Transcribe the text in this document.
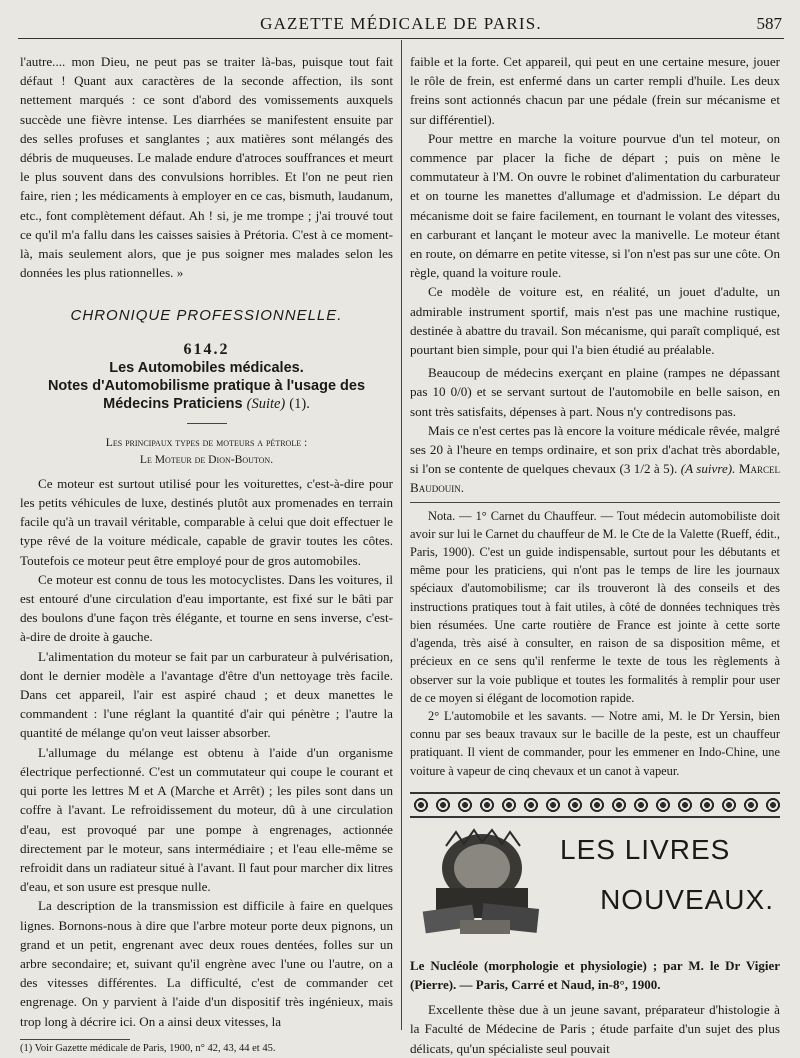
GAZETTE MÉDICALE DE PARIS.	587

l'autre.... mon Dieu, ne peut pas se traiter là-bas, puisque tout fait défaut ! Quant aux caractères de la seconde affection, ils sont nettement marqués : ce sont d'abord des vomissements auxquels succède une fièvre intense. Les diarrhées se manifestent ensuite par des selles profuses et sanglantes ; aux matières sont mélangés des débris de muqueuses. Le malade endure d'atroces souffrances et meurt le plus souvent dans des convulsions horribles. Et l'on ne peut rien faire, rien ; les médicaments à employer en ce cas, bismuth, laudanum, etc., font complètement défaut. Ah ! si, je me trompe ; j'ai trouvé tout ce qu'il m'a fallu dans les caisses saisies à Prétoria. C'est à ce moment-là, mais seulement alors, que je pus soigner mes malades selon les données les plus rationnelles. »

CHRONIQUE PROFESSIONNELLE.
614.2
Les Automobiles médicales.
Notes d'Automobilisme pratique à l'usage des
Médecins Praticiens (Suite) (1).
Les principaux types de moteurs a pétrole :
Le Moteur de Dion-Bouton.

Ce moteur est surtout utilisé pour les voiturettes, c'est-à-dire pour les petits véhicules de luxe, destinés plutôt aux promenades en terrain facile qu'à un travail véritable, comparable à celui que doit effectuer le type rêvé de la voiture médicale, capable de gravir toutes les côtes. Toutefois ce moteur peut être employé pour de gros automobiles.

Ce moteur est connu de tous les motocyclistes. Dans les voitures, il est entouré d'une circulation d'eau importante, est fixé sur le bâti par des boulons d'une façon très élégante, et tourne en sens inverse, c'est-à-dire de droite à gauche.

L'alimentation du moteur se fait par un carburateur à pulvérisation, dont le dernier modèle a l'avantage d'être d'un nettoyage très facile. Dans cet appareil, l'air est aspiré chaud ; et deux manettes le commandent : l'une réglant la quantité d'air qui pénètre ; l'autre la quantité de mélange qu'on veut laisser absorber.

L'allumage du mélange est obtenu à l'aide d'un organisme électrique perfectionné. C'est un commutateur qui coupe le courant et qui porte les lettres M et A (Marche et Arrêt) ; les piles sont dans un coffre à l'avant. Le refroidissement du moteur, dû à une circulation d'eau, est provoqué par une pompe à engrenages, actionnée directement par le moteur, sans intermédiaire ; et l'eau elle-même se refroidit dans un radiateur situé à l'avant. Il faut pour marcher dix litres d'eau, et son usure est presque nulle.

La description de la transmission est difficile à faire en quelques lignes. Bornons-nous à dire que l'arbre moteur porte deux pignons, un grand et un petit, engrenant avec deux roues dentées, folles sur un arbre secondaire; et, suivant qu'il engrène avec l'une ou l'autre, on a des vitesses différentes. La difficulté, c'est de commander cet engrenage. On y parvient à l'aide d'un dispositif très ingénieux, mais trop long à décrire ici. On a ainsi deux vitesses, la

(1) Voir Gazette médicale de Paris, 1900, n° 42, 43, 44 et 45.

faible et la forte. Cet appareil, qui peut en une certaine mesure, jouer le rôle de frein, est enfermé dans un carter rempli d'huile. Les deux freins sont actionnés chacun par une pédale (frein sur mécanisme et sur différentiel).

Pour mettre en marche la voiture pourvue d'un tel moteur, on commence par placer la fiche de départ ; puis on mène le commutateur à l'M. On ouvre le robinet d'alimentation du carburateur et on tourne les manettes d'allumage et d'admission. Le départ du mécanisme doit se faire facilement, en tournant le volant des vitesses, en carburant et lançant le moteur avec la manivelle. Le moteur étant en route, on démarre en petite vitesse, si l'on n'est pas sur une côte. On règle, quand la voiture roule.

Ce modèle de voiture est, en réalité, un jouet d'adulte, un admirable instrument sportif, mais n'est pas une machine rustique, destinée à abattre du travail. Son mécanisme, qui paraît compliqué, est pourtant bien simple, pour qui l'a bien étudié au préalable.

Beaucoup de médecins exerçant en plaine (rampes ne dépassant pas 10 0/0) et se servant surtout de l'automobile en belle saison, en sont très satisfaits, dépenses à part. Nous n'y contredisons pas.

Mais ce n'est certes pas là encore la voiture médicale rêvée, malgré ses 20 à l'heure en temps ordinaire, et son prix d'achat très abordable, si l'on se contente de quelques chevaux (3 1/2 à 5). (A suivre). Marcel Baudouin.

Nota. — 1° Carnet du Chauffeur. — Tout médecin automobiliste doit avoir sur lui le Carnet du chauffeur de M. le Cte de la Valette (Rueff, édit., Paris, 1900). C'est un guide indispensable, surtout pour les débutants et même pour les praticiens, qui n'ont pas le temps de lire les journaux spéciaux d'automobilisme; car ils trouveront là des conseils et des instructions pratiques tout à fait utiles, à côté de données techniques très bien résumées. Une carte routière de France est jointe à cette sorte d'agenda, très aisé à consulter, en raison de sa disposition même, et précieux en ce sens qu'il renferme le texte de tous les règlements à observer sur la voie publique et toutes les formalités à remplir pour user de ce moyen si élégant de locomotion rapide.

2° L'automobile et les savants. — Notre ami, M. le Dr Yersin, bien connu par ses beaux travaux sur le bacille de la peste, est un chauffeur pratiquant. Il vient de commander, pour les emmener en Indo-Chine, une voiture à vapeur de cinq chevaux et un canot à vapeur.

LES LIVRES
NOUVEAUX.

Le Nucléole (morphologie et physiologie) ; par M. le Dr Vigier (Pierre). — Paris, Carré et Naud, in-8°, 1900.

Excellente thèse due à un jeune savant, préparateur d'histologie à la Faculté de Médecine de Paris ; étude parfaite d'un sujet des plus délicats, qu'un spécialiste seul pouvait
